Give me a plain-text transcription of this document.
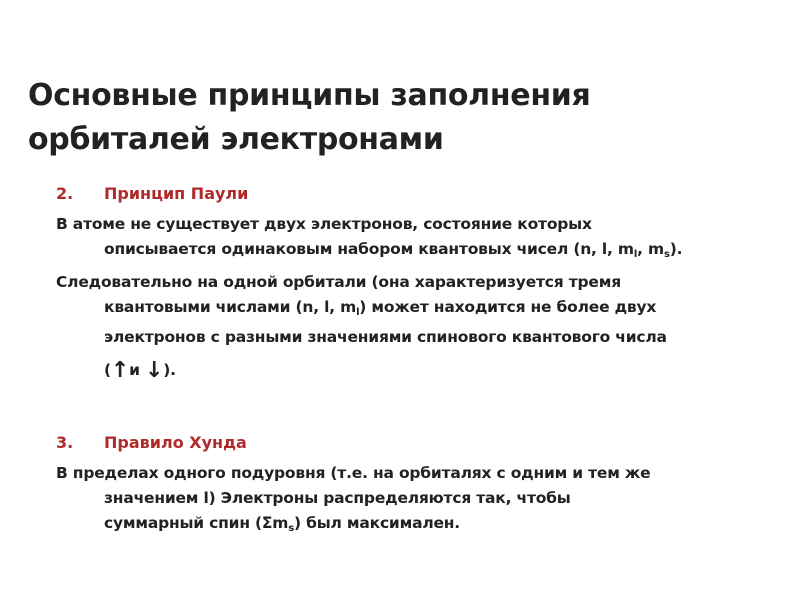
Основные принципы заполнения
орбиталей электронами
2. Принцип Паули
В атоме не существует двух электронов, состояние которых
описывается одинаковым набором квантовых чисел (n, l, $m_l$, $m_s$).
Следовательно на одной орбитали (она характеризуется тремя
квантовыми числами (n, l, $m_l$) может находится не более двух
электронов с разными значениями спинового квантового числа
(↑и ↓).
3. Правило Хунда
В пределах одного подуровня (т.е. на орбиталях с одним и тем же
значением l) Электроны распределяются так, чтобы
суммарный спин $(\Sigma m_s)$ был максимален.
